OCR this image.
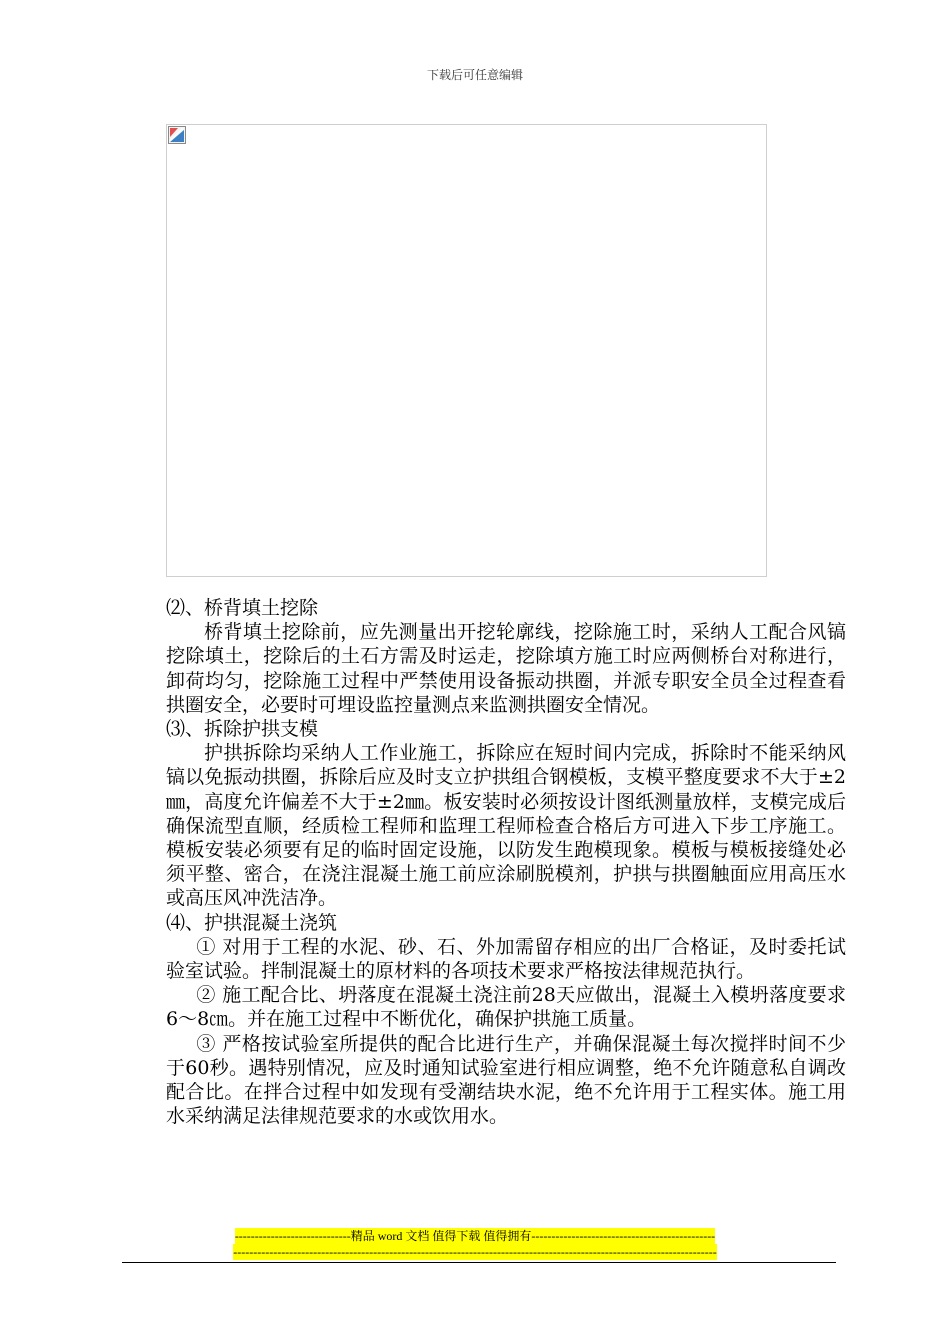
下载后可任意编辑

⑵、桥背填土挖除

桥背填土挖除前，应先测量出开挖轮廓线，挖除施工时，采纳人工配合风镐挖除填土，挖除后的土石方需及时运走，挖除填方施工时应两侧桥台对称进行，卸荷均匀，挖除施工过程中严禁使用设备振动拱圈，并派专职安全员全过程查看拱圈安全，必要时可埋设监控量测点来监测拱圈安全情况。

⑶、拆除护拱支模

护拱拆除均采纳人工作业施工，拆除应在短时间内完成，拆除时不能采纳风镐以免振动拱圈，拆除后应及时支立护拱组合钢模板，支模平整度要求不大于±2㎜，高度允许偏差不大于±2㎜。板安装时必须按设计图纸测量放样，支模完成后确保流型直顺，经质检工程师和监理工程师检查合格后方可进入下步工序施工。模板安装必须要有足的临时固定设施，以防发生跑模现象。模板与模板接缝处必须平整、密合，在浇注混凝土施工前应涂刷脱模剂，护拱与拱圈触面应用高压水或高压风冲洗洁净。

⑷、护拱混凝土浇筑

① 对用于工程的水泥、砂、石、外加需留存相应的出厂合格证，及时委托试验室试验。拌制混凝土的原材料的各项技术要求严格按法律规范执行。

② 施工配合比、坍落度在混凝土浇注前28天应做出，混凝土入模坍落度要求6～8㎝。并在施工过程中不断优化，确保护拱施工质量。

③ 严格按试验室所提供的配合比进行生产，并确保混凝土每次搅拌时间不少于60秒。遇特别情况，应及时通知试验室进行相应调整，绝不允许随意私自调改配合比。在拌合过程中如发现有受潮结块水泥，绝不允许用于工程实体。施工用水采纳满足法律规范要求的水或饮用水。

-----------------------------精品 word 文档 值得下载 值得拥有----------------------------------------------
-------------------------------------------------------------------------------------------------------------------------
